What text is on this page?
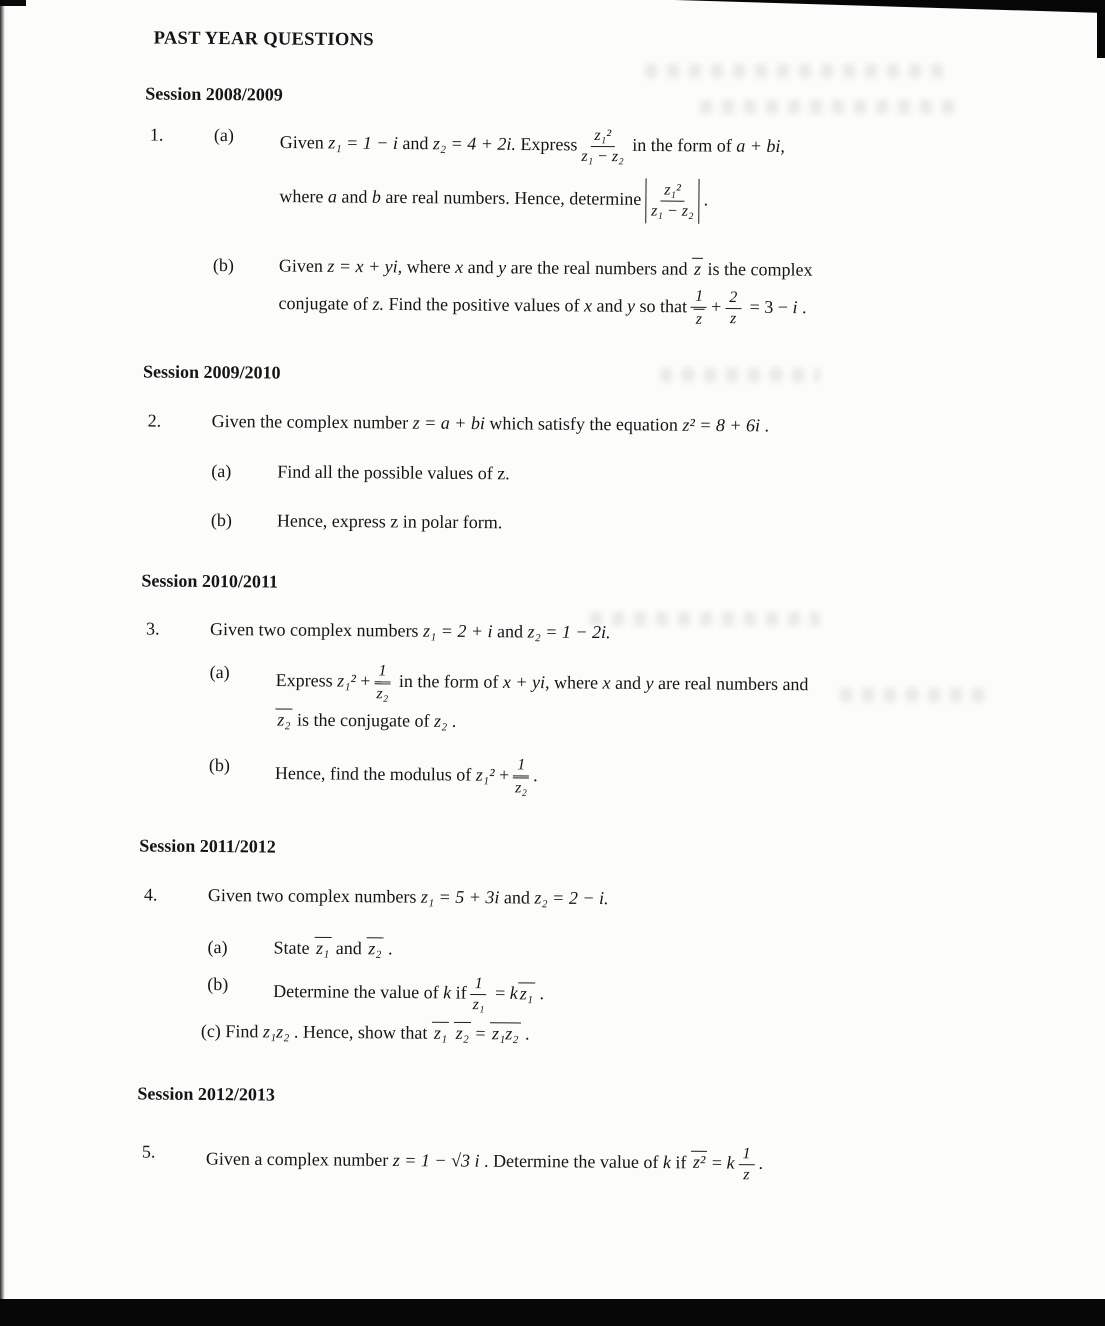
PAST YEAR QUESTIONS
Session 2008/2009
1.	(a)	Given z₁ = 1 − i and z₂ = 4 + 2i. Express $\frac{\text{z₁²}}{\text{z₁ − z₂}}$ in the form of a + bi,
where a and b are real numbers. Hence, determine $\frac{\text{z₁²}}{\text{z₁ − z₂}}$ .
(b)	Given z = x + yi, where x and y are the real numbers and z is the complex
conjugate of z. Find the positive values of x and y so that $\frac{1}{z} + \frac{2}{z} = 3 - i$ .
Session 2009/2010
2.	Given the complex number z = a + bi which satisfy the equation z² = 8 + 6i .
(a)	Find all the possible values of z.
(b)	Hence, express z in polar form.
Session 2010/2011
3.	Given two complex numbers z₁ = 2 + i and z₂ = 1 − 2i.
(a)	Express $z_1^2 + \frac{1}{\text{z₂}}$ in the form of x + yi, where x and y are real numbers and
z₂ is the conjugate of z₂ .
(b)	Hence, find the modulus of $z_1^2 + \frac{1}{\text{z₂}}$ .
Session 2011/2012
4.	Given two complex numbers z₁ = 5 + 3i and z₂ = 2 − i.
(a)	State z₁ and z₂ .
(b)	Determine the value of k if $\frac{1}{\text{z₁}} = k$ z₁ .
(c) Find z₁z₂ . Hence, show that z₁ z₂ = z₁z₂ .
Session 2012/2013
5.	Given a complex number z = 1 − √3 i . Determine the value of k if z² = k $\frac{1}{z}$ .
